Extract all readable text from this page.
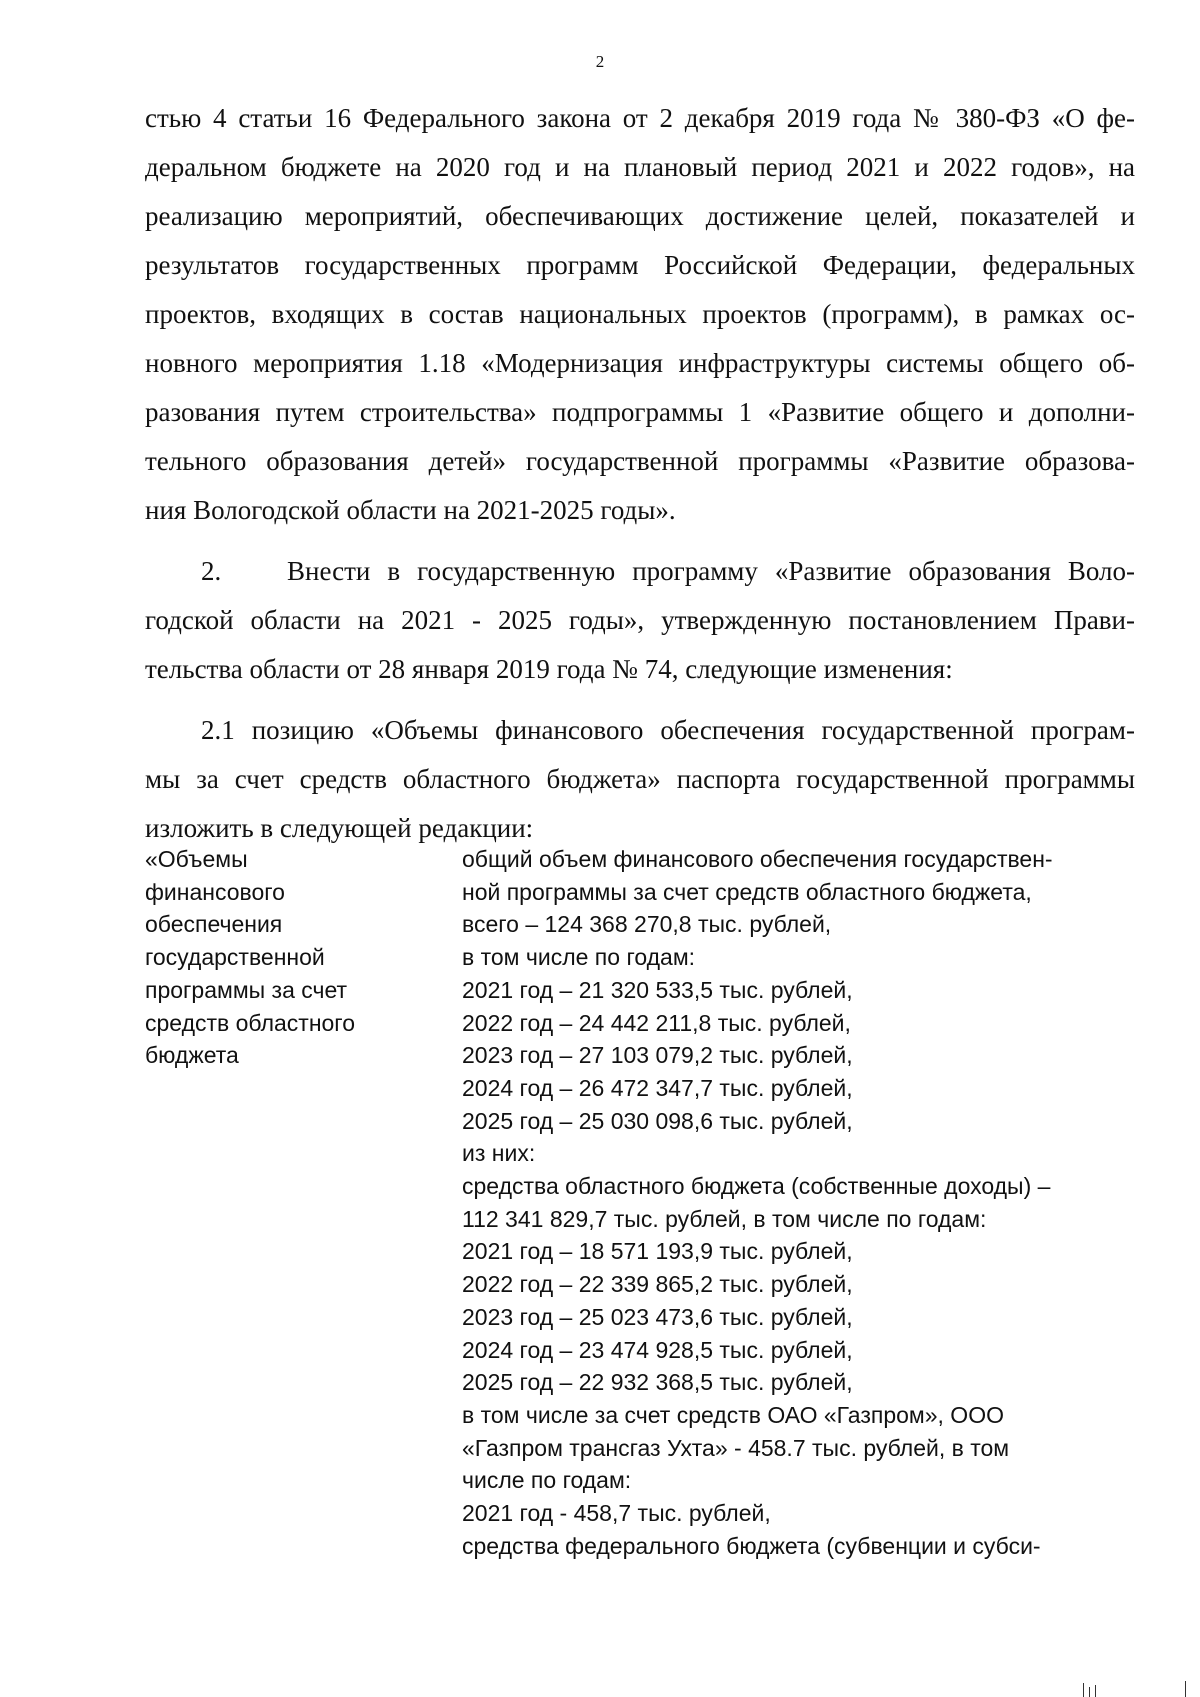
2

стью 4 статьи 16 Федерального закона от 2 декабря 2019 года № 380-ФЗ «О фе-

деральном бюджете на 2020 год и на плановый период 2021 и 2022 годов», на

реализацию мероприятий, обеспечивающих достижение целей, показателей и

результатов государственных программ Российской Федерации, федеральных

проектов, входящих в состав национальных проектов (программ), в рамках ос-

новного мероприятия 1.18 «Модернизация инфраструктуры системы общего об-

разования путем строительства» подпрограммы 1 «Развитие общего и дополни-

тельного образования детей» государственной программы «Развитие образова-

ния Вологодской области на 2021-2025 годы».

2. Внести в государственную программу «Развитие образования Воло-

годской области на 2021 - 2025 годы», утвержденную постановлением Прави-

тельства области от 28 января 2019 года № 74, следующие изменения:

2.1 позицию «Объемы финансового обеспечения государственной програм-

мы за счет средств областного бюджета» паспорта государственной программы

изложить в следующей редакции:

«Объемы
финансового
обеспечения
государственной
программы за счет
средств областного
бюджета
общий объем финансового обеспечения государствен-
ной программы за счет средств областного бюджета,
всего – 124 368 270,8 тыс. рублей,
в том числе по годам:
2021 год – 21 320 533,5 тыс. рублей,
2022 год – 24 442 211,8 тыс. рублей,
2023 год – 27 103 079,2 тыс. рублей,
2024 год – 26 472 347,7 тыс. рублей,
2025 год – 25 030 098,6 тыс. рублей,
из них:
средства областного бюджета (собственные доходы) –
112 341 829,7 тыс. рублей, в том числе по годам:
2021 год – 18 571 193,9 тыс. рублей,
2022 год – 22 339 865,2 тыс. рублей,
2023 год – 25 023 473,6 тыс. рублей,
2024 год – 23 474 928,5 тыс. рублей,
2025 год – 22 932 368,5 тыс. рублей,
в том числе за счет средств ОАО «Газпром», ООО
«Газпром трансгаз Ухта» - 458.7 тыс. рублей, в том
числе по годам:
2021 год - 458,7 тыс. рублей,
средства федерального бюджета (субвенции и субси-
